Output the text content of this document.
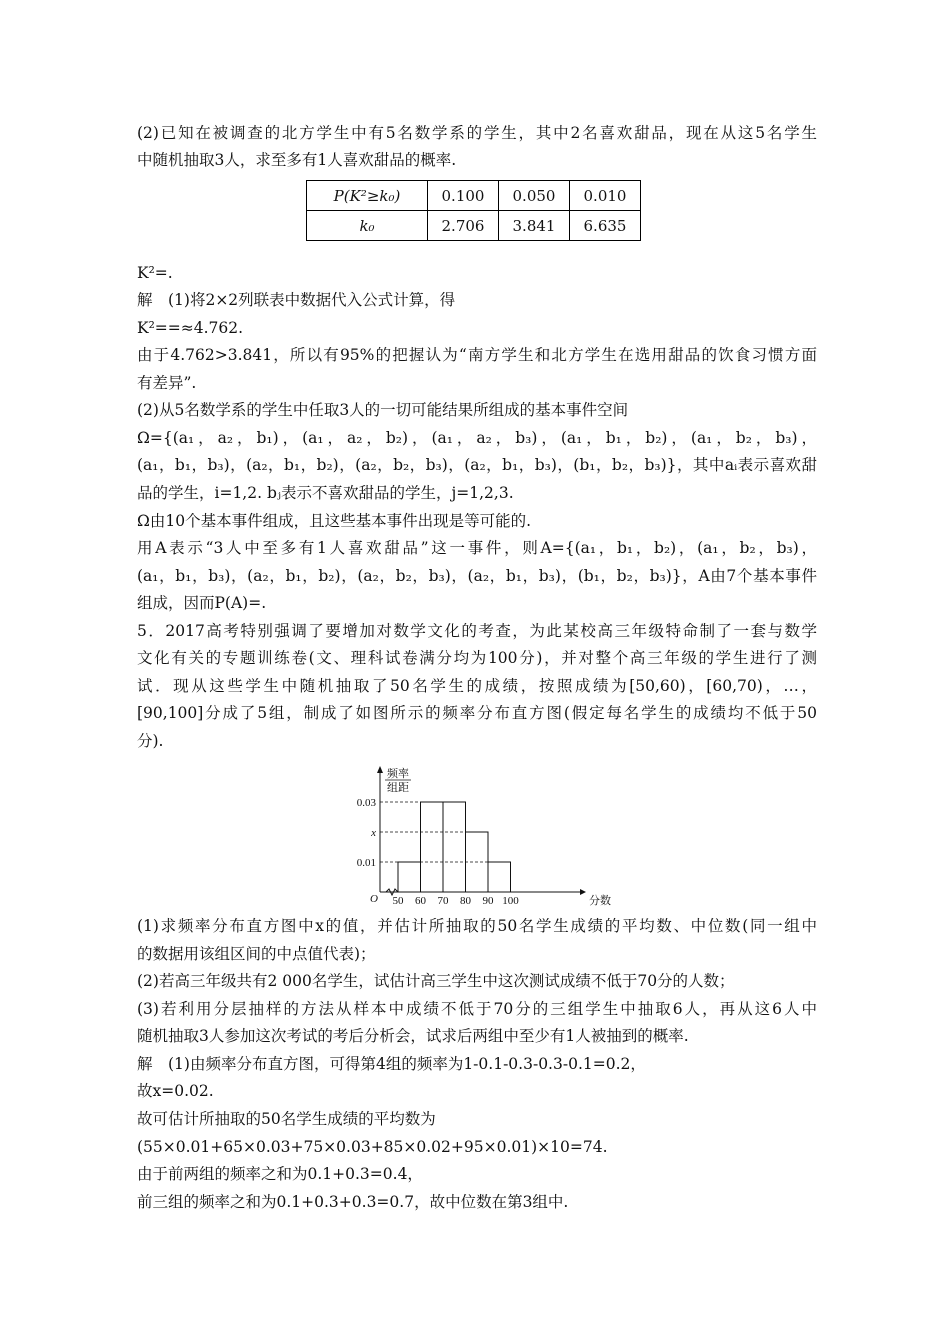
(2)已知在被调查的北方学生中有5名数学系的学生，其中2名喜欢甜品，现在从这5名学生

中随机抽取3人，求至多有1人喜欢甜品的概率.

P(K²≥k₀)	0.100	0.050	0.010
k₀	2.706	3.841	6.635

K²=.

解　(1)将2×2列联表中数据代入公式计算，得

K²==≈4.762.

由于4.762>3.841，所以有95%的把握认为“南方学生和北方学生在选用甜品的饮食习惯方面

有差异”.

(2)从5名数学系的学生中任取3人的一切可能结果所组成的基本事件空间

Ω={(a₁，a₂，b₁)，(a₁，a₂，b₂)，(a₁，a₂，b₃)，(a₁，b₁，b₂)，(a₁，b₂，b₃)，

(a₁，b₁，b₃)，(a₂，b₁，b₂)，(a₂，b₂，b₃)，(a₂，b₁，b₃)，(b₁，b₂，b₃)}，其中aᵢ表示喜欢甜

品的学生，i=1,2. bⱼ表示不喜欢甜品的学生，j=1,2,3.

Ω由10个基本事件组成，且这些基本事件出现是等可能的.

用A表示“3人中至多有1人喜欢甜品”这一事件，则A={(a₁，b₁，b₂)，(a₁，b₂，b₃)，

(a₁，b₁，b₃)，(a₂，b₁，b₂)，(a₂，b₂，b₃)，(a₂，b₁，b₃)，(b₁，b₂，b₃)}，A由7个基本事件

组成，因而P(A)=.

5．2017高考特别强调了要增加对数学文化的考查，为此某校高三年级特命制了一套与数学

文化有关的专题训练卷(文、理科试卷满分均为100分)，并对整个高三年级的学生进行了测

试．现从这些学生中随机抽取了50名学生的成绩，按照成绩为[50,60)，[60,70)，…，

[90,100]分成了5组，制成了如图所示的频率分布直方图(假定每名学生的成绩均不低于50

分).

0.01
x
0.03
50 60 70 80 90 100
O	分数
频率
组距

(1)求频率分布直方图中x的值，并估计所抽取的50名学生成绩的平均数、中位数(同一组中

的数据用该组区间的中点值代表)；

(2)若高三年级共有2 000名学生，试估计高三学生中这次测试成绩不低于70分的人数；

(3)若利用分层抽样的方法从样本中成绩不低于70分的三组学生中抽取6人，再从这6人中

随机抽取3人参加这次考试的考后分析会，试求后两组中至少有1人被抽到的概率.

解　(1)由频率分布直方图，可得第4组的频率为1-0.1-0.3-0.3-0.1=0.2，

故x=0.02.

故可估计所抽取的50名学生成绩的平均数为

(55×0.01+65×0.03+75×0.03+85×0.02+95×0.01)×10=74.

由于前两组的频率之和为0.1+0.3=0.4，

前三组的频率之和为0.1+0.3+0.3=0.7，故中位数在第3组中.
